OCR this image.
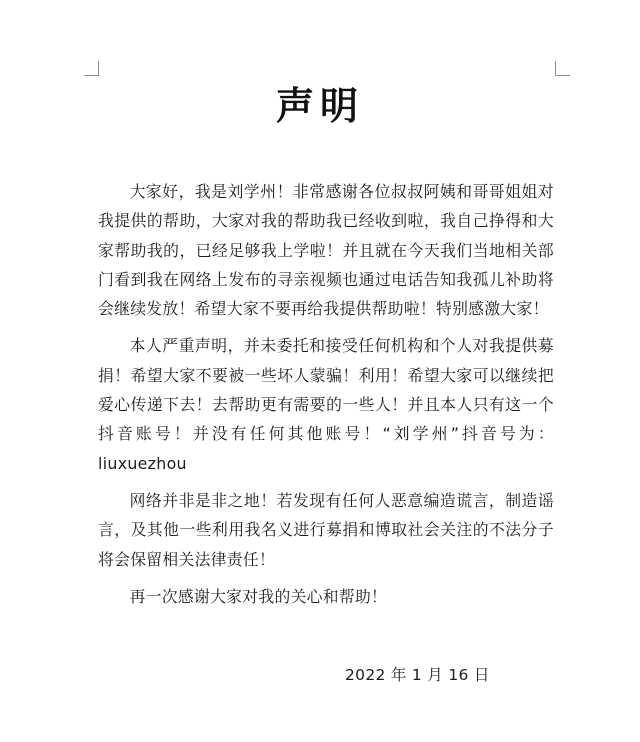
声明

大家好，我是刘学州！非常感谢各位叔叔阿姨和哥哥姐姐对我提供的帮助，大家对我的帮助我已经收到啦，我自己挣得和大家帮助我的，已经足够我上学啦！并且就在今天我们当地相关部门看到我在网络上发布的寻亲视频也通过电话告知我孤儿补助将会继续发放！希望大家不要再给我提供帮助啦！特别感激大家！

本人严重声明，并未委托和接受任何机构和个人对我提供募捐！希望大家不要被一些坏人蒙骗！利用！希望大家可以继续把爱心传递下去！去帮助更有需要的一些人！并且本人只有这一个抖音账号！并没有任何其他账号！“刘学州”抖音号为：liuxuezhou

网络并非是非之地！若发现有任何人恶意编造谎言，制造谣言，及其他一些利用我名义进行募捐和博取社会关注的不法分子将会保留相关法律责任！

再一次感谢大家对我的关心和帮助！

2022 年 1 月 16 日
